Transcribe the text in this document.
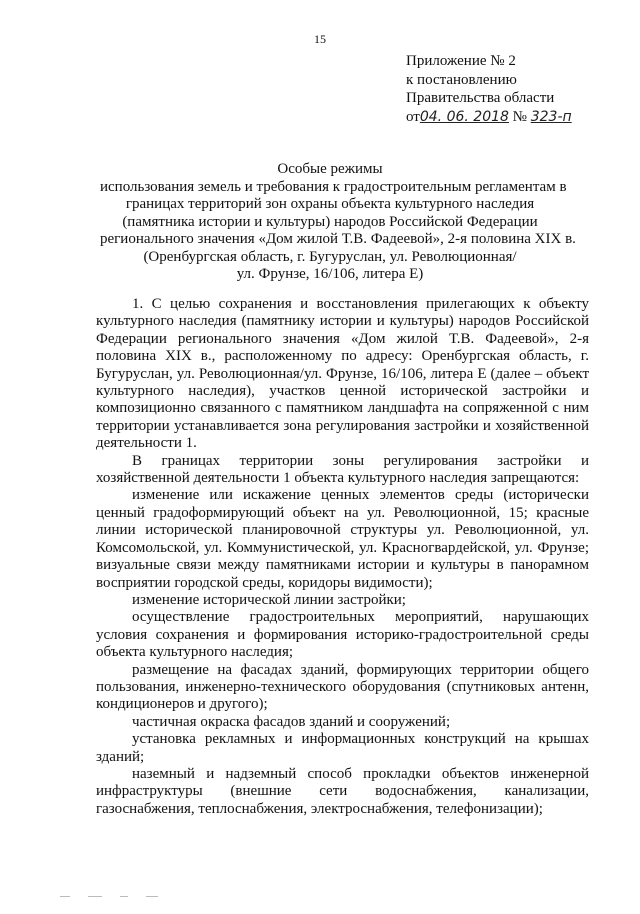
15
Приложение № 2
к постановлению
Правительства области
от04. 06. 2018 № 323-п
Особые режимы
использования земель и требования к градостроительным регламентам в
границах территорий зон охраны объекта культурного наследия
(памятника истории и культуры) народов Российской Федерации
регионального значения «Дом жилой Т.В. Фадеевой», 2-я половина XIX в.
(Оренбургская область, г. Бугуруслан, ул. Революционная/
ул. Фрунзе, 16/106, литера Е)

1. С целью сохранения и восстановления прилегающих к объекту культурного наследия (памятнику истории и культуры) народов Российской Федерации регионального значения «Дом жилой Т.В. Фадеевой», 2-я половина XIX в., расположенному по адресу: Оренбургская область, г. Бугуруслан, ул. Революционная/ул. Фрунзе, 16/106, литера Е (далее – объект культурного наследия), участков ценной исторической застройки и композиционно связанного с памятником ландшафта на сопряженной с ним территории устанавливается зона регулирования застройки и хозяйственной деятельности 1.

В границах территории зоны регулирования застройки и хозяйственной деятельности 1 объекта культурного наследия запрещаются:

изменение или искажение ценных элементов среды (исторически ценный градоформирующий объект на ул. Революционной, 15; красные линии исторической планировочной структуры ул. Революционной, ул. Комсомольской, ул. Коммунистической, ул. Красногвардейской, ул. Фрунзе; визуальные связи между памятниками истории и культуры в панорамном восприятии городской среды, коридоры видимости);

изменение исторической линии застройки;

осуществление градостроительных мероприятий, нарушающих условия сохранения и формирования историко-градостроительной среды объекта культурного наследия;

размещение на фасадах зданий, формирующих территории общего пользования, инженерно-технического оборудования (спутниковых антенн, кондиционеров и другого);

частичная окраска фасадов зданий и сооружений;

установка рекламных и информационных конструкций на крышах зданий;

наземный и надземный способ прокладки объектов инженерной инфраструктуры (внешние сети водоснабжения, канализации, газоснабжения, теплоснабжения, электроснабжения, телефонизации);
